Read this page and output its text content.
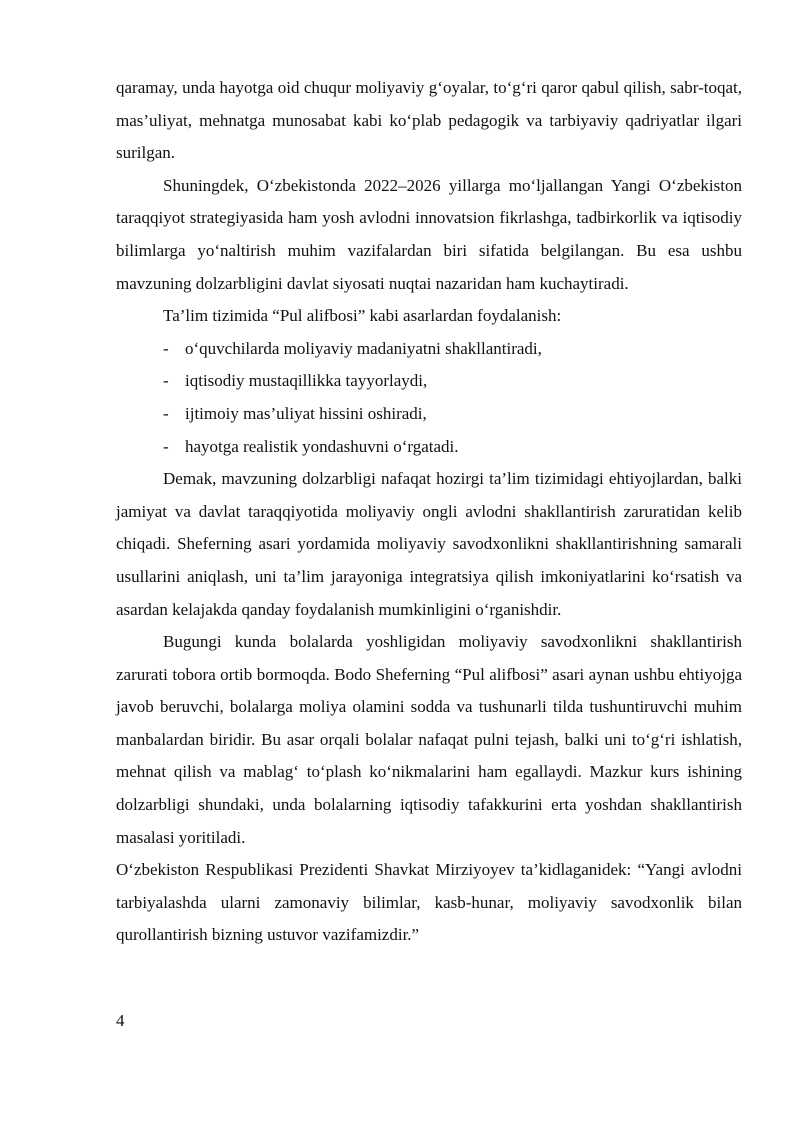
qaramay, unda hayotga oid chuqur moliyaviy g‘oyalar, to‘g‘ri qaror qabul qilish, sabr-toqat, mas’uliyat, mehnatga munosabat kabi ko‘plab pedagogik va tarbiyaviy qadriyatlar ilgari surilgan.

Shuningdek, O‘zbekistonda 2022–2026 yillarga mo‘ljallangan Yangi O‘zbekiston taraqqiyot strategiyasida ham yosh avlodni innovatsion fikrlashga, tadbirkorlik va iqtisodiy bilimlarga yo‘naltirish muhim vazifalardan biri sifatida belgilangan. Bu esa ushbu mavzuning dolzarbligini davlat siyosati nuqtai nazaridan ham kuchaytiradi.

Ta’lim tizimida “Pul alifbosi” kabi asarlardan foydalanish:

- o‘quvchilarda moliyaviy madaniyatni shakllantiradi,
- iqtisodiy mustaqillikka tayyorlaydi,
- ijtimoiy mas’uliyat hissini oshiradi,
- hayotga realistik yondashuvni o‘rgatadi.

Demak, mavzuning dolzarbligi nafaqat hozirgi ta’lim tizimidagi ehtiyojlardan, balki jamiyat va davlat taraqqiyotida moliyaviy ongli avlodni shakllantirish zaruratidan kelib chiqadi. Sheferning asari yordamida moliyaviy savodxonlikni shakllantirishning samarali usullarini aniqlash, uni ta’lim jarayoniga integratsiya qilish imkoniyatlarini ko‘rsatish va asardan kelajakda qanday foydalanish mumkinligini o‘rganishdir.

Bugungi kunda bolalarda yoshligidan moliyaviy savodxonlikni shakllantirish zarurati tobora ortib bormoqda. Bodo Sheferning “Pul alifbosi” asari aynan ushbu ehtiyojga javob beruvchi, bolalarga moliya olamini sodda va tushunarli tilda tushuntiruvchi muhim manbalardan biridir. Bu asar orqali bolalar nafaqat pulni tejash, balki uni to‘g‘ri ishlatish, mehnat qilish va mablag‘ to‘plash ko‘nikmalarini ham egallaydi. Mazkur kurs ishining dolzarbligi shundaki, unda bolalarning iqtisodiy tafakkurini erta yoshdan shakllantirish masalasi yoritiladi.

O‘zbekiston Respublikasi Prezidenti Shavkat Mirziyoyev ta’kidlaganidek: “Yangi avlodni tarbiyalashda ularni zamonaviy bilimlar, kasb-hunar, moliyaviy savodxonlik bilan qurollantirish bizning ustuvor vazifamizdir.”

4
